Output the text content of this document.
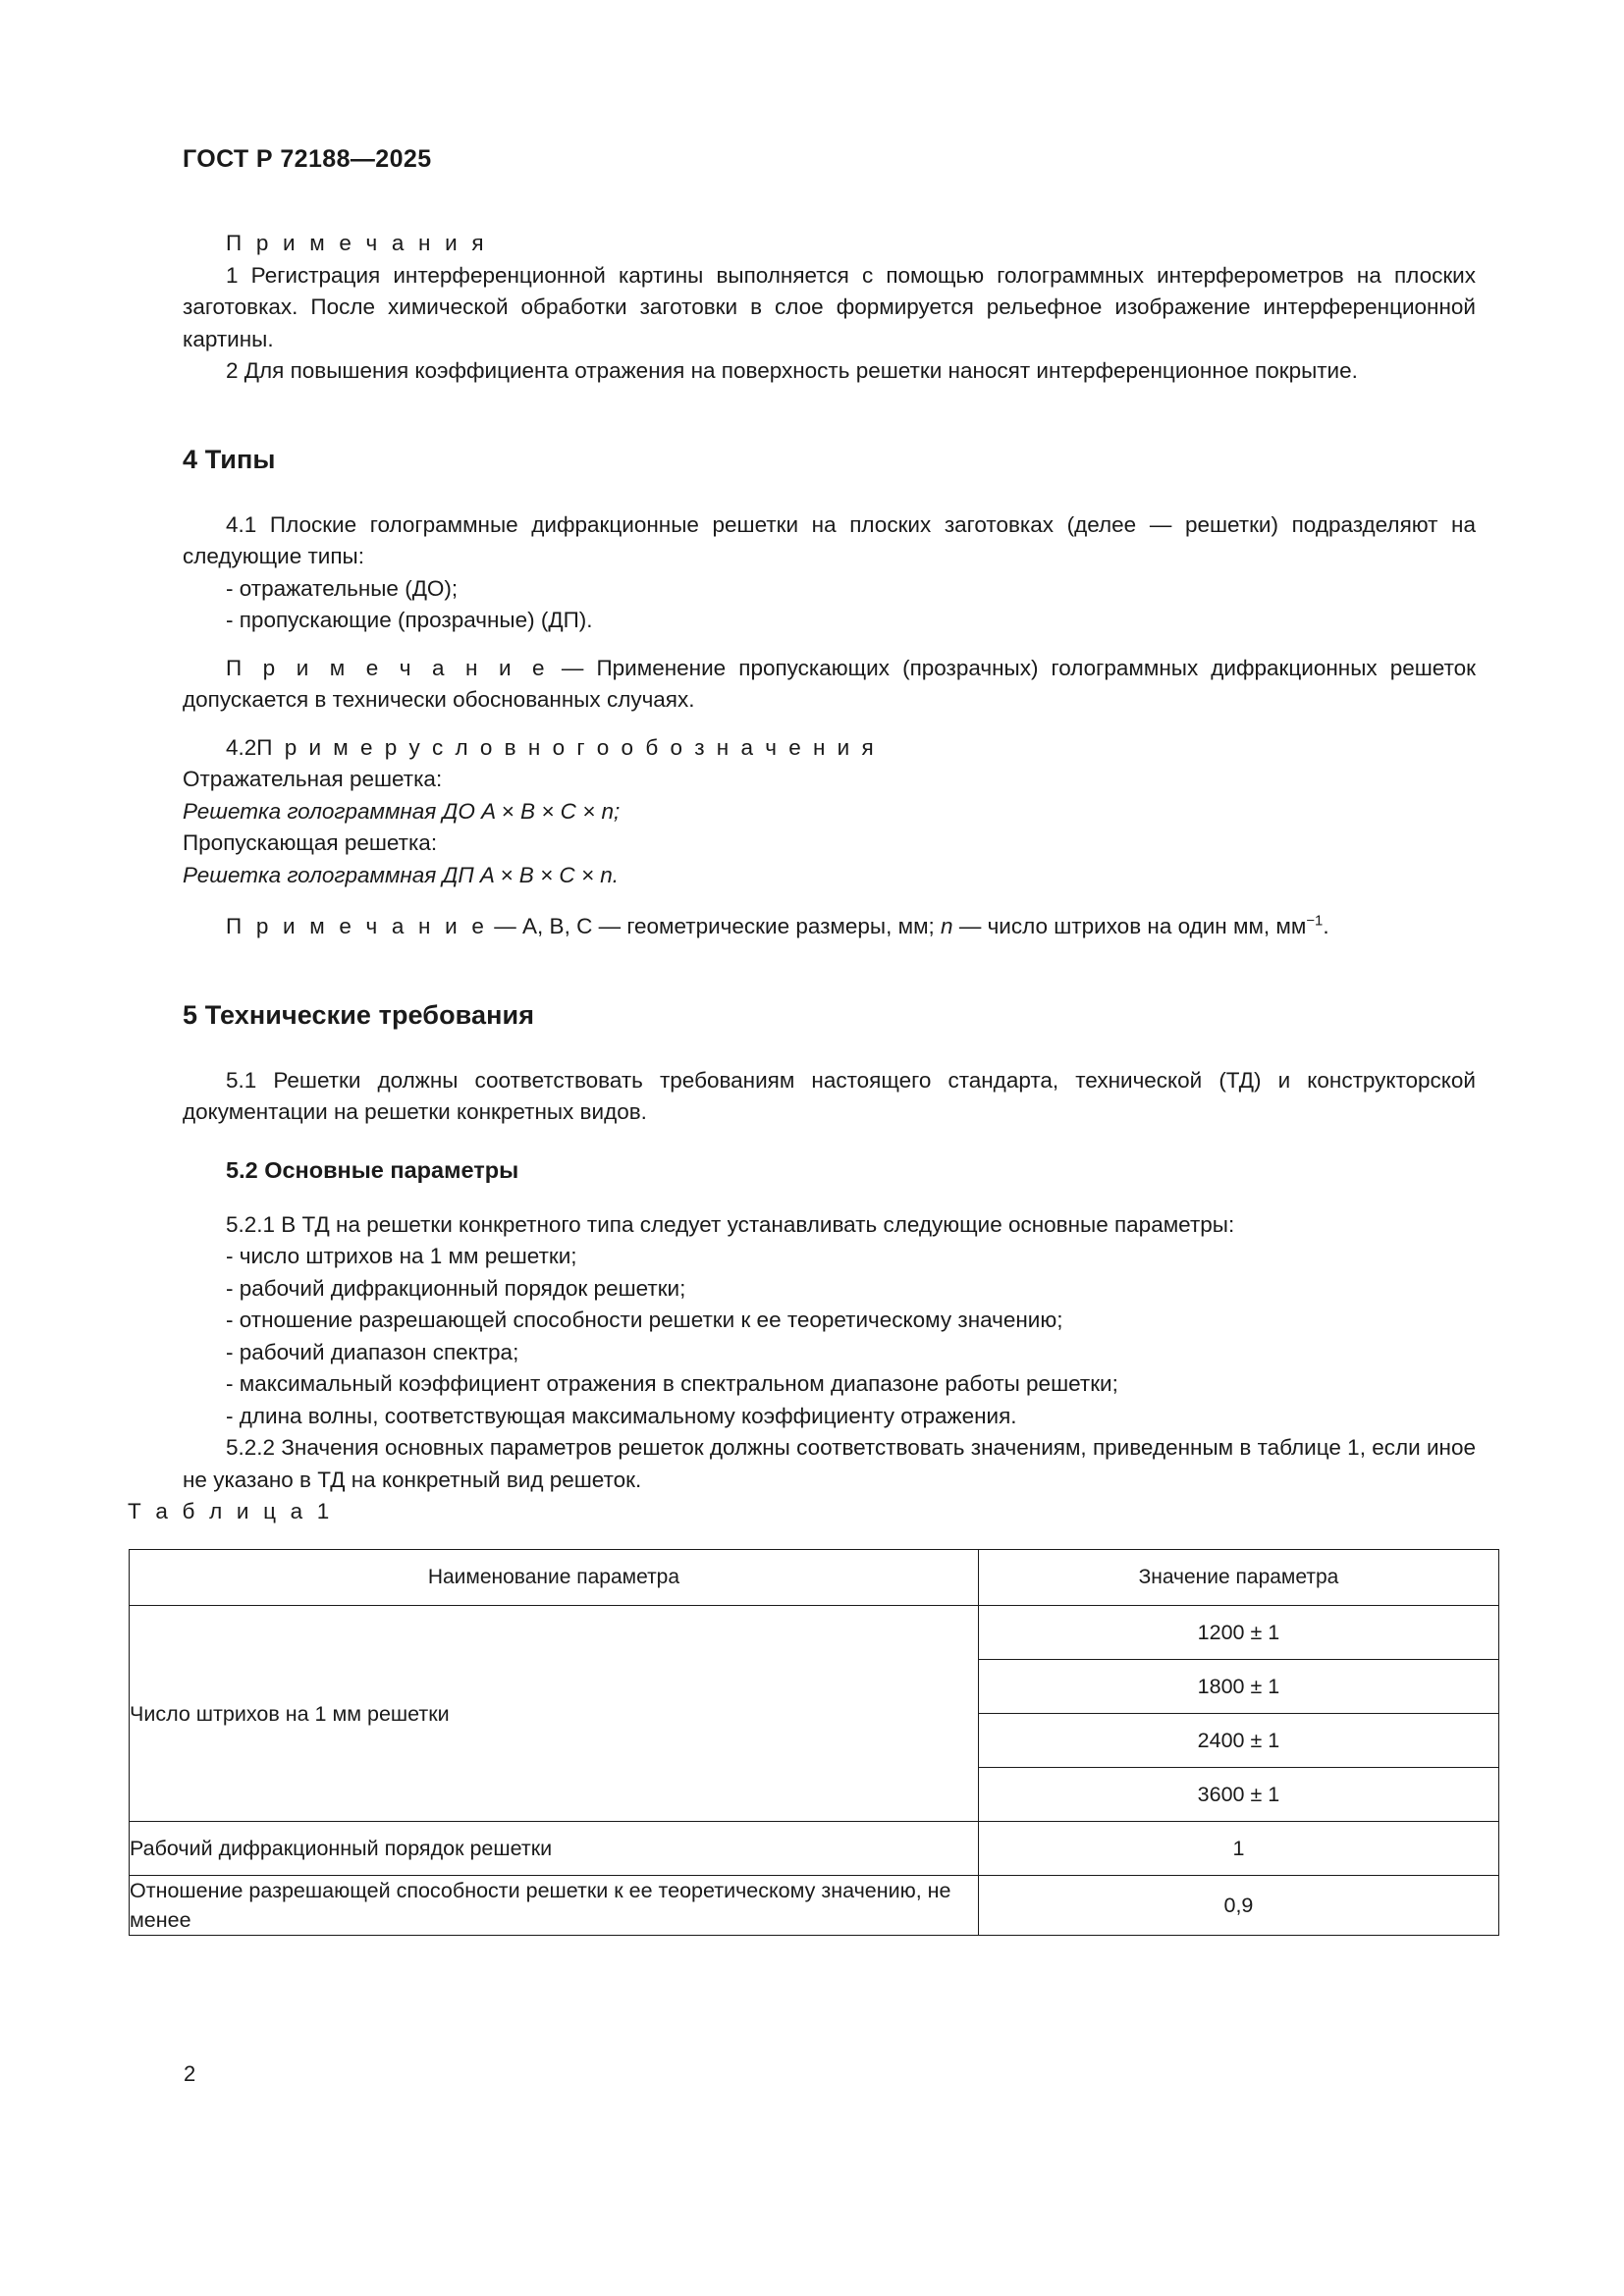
ГОСТ Р 72188—2025

П р и м е ч а н и я

1 Регистрация интерференционной картины выполняется с помощью голограммных интерферометров на плоских заготовках. После химической обработки заготовки в слое формируется рельефное изображение интерференционной картины.

2 Для повышения коэффициента отражения на поверхность решетки наносят интерференционное покрытие.

4 Типы

4.1 Плоские голограммные дифракционные решетки на плоских заготовках (делее — решетки) подразделяют на следующие типы:

- отражательные (ДО);

- пропускающие (прозрачные) (ДП).

П р и м е ч а н и е — Применение пропускающих (прозрачных) голограммных дифракционных решеток допускается в технически обоснованных случаях.

4.2П р и м е р у с л о в н о г о о б о з н а ч е н и я

Отражательная решетка:

Решетка голограммная ДО A × B × C × n;

Пропускающая решетка:

Решетка голограммная ДП A × B × C × n.

П р и м е ч а н и е — A, B, C — геометрические размеры, мм; n — число штрихов на один мм, $мм^{-1}$.

5 Технические требования

5.1 Решетки должны соответствовать требованиям настоящего стандарта, технической (ТД) и конструкторской документации на решетки конкретных видов.

5.2 Основные параметры

5.2.1 В ТД на решетки конкретного типа следует устанавливать следующие основные параметры:

- число штрихов на 1 мм решетки;

- рабочий дифракционный порядок решетки;

- отношение разрешающей способности решетки к ее теоретическому значению;

- рабочий диапазон спектра;

- максимальный коэффициент отражения в спектральном диапазоне работы решетки;

- длина волны, соответствующая максимальному коэффициенту отражения.

5.2.2 Значения основных параметров решеток должны соответствовать значениям, приведенным в таблице 1, если иное не указано в ТД на конкретный вид решеток.

Т а б л и ц а 1
Наименование параметра	Значение параметра
Число штрихов на 1 мм решетки	1200 ± 1
	1800 ± 1
	2400 ± 1
	3600 ± 1
Рабочий дифракционный порядок решетки	1
Отношение разрешающей способности решетки к ее теоретическому значению, не менее	0,9
2
